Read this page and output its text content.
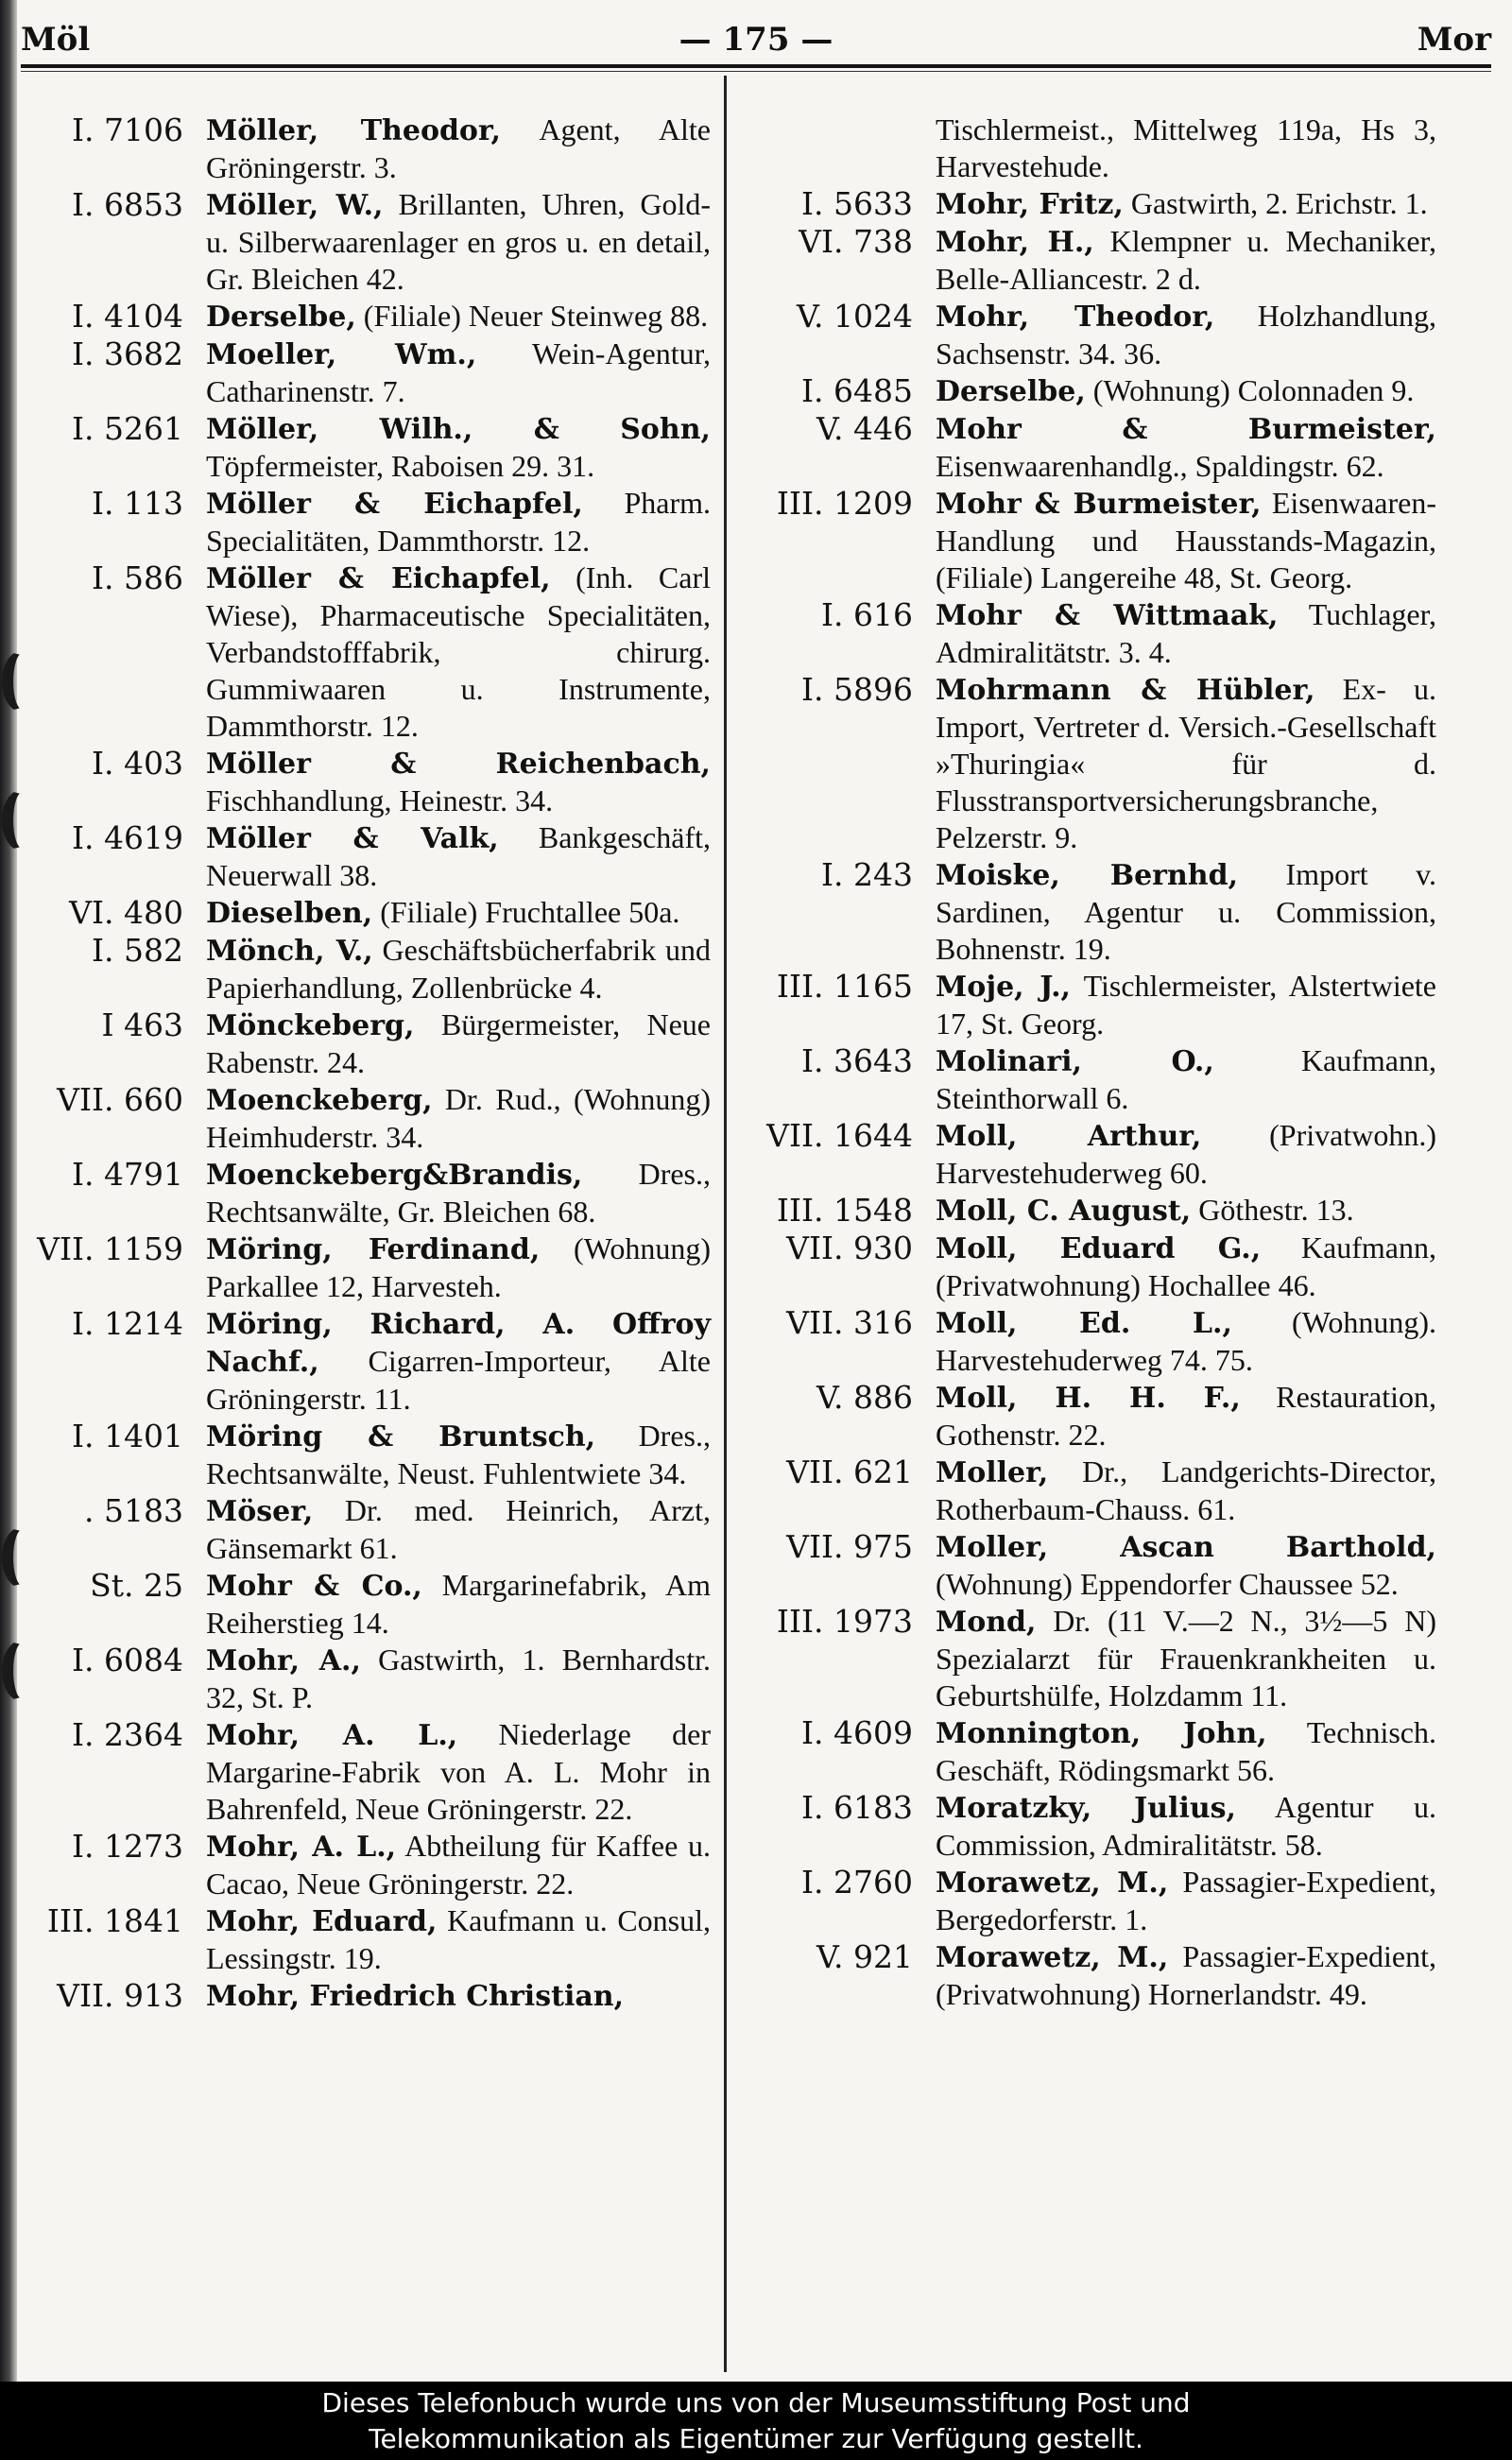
Möl	— 175 —	Mor
I. 7106 Möller, Theodor, Agent, Alte Gröningerstr. 3.
I. 6853 Möller, W., Brillanten, Uhren, Gold- u. Silberwaarenlager en gros u. en detail, Gr. Bleichen 42.
I. 4104 Derselbe, (Filiale) Neuer Steinweg 88.
I. 3682 Moeller, Wm., Wein-Agentur, Catharinenstr. 7.
I. 5261 Möller, Wilh., & Sohn, Töpfermeister, Raboisen 29. 31.
I. 113 Möller & Eichapfel, Pharm. Specialitäten, Dammthorstr. 12.
I. 586 Möller & Eichapfel, (Inh. Carl Wiese), Pharmaceutische Specialitäten, Verbandstofffabrik, chirurg. Gummiwaaren u. Instrumente, Dammthorstr. 12.
I. 403 Möller & Reichenbach, Fischhandlung, Heinestr. 34.
I. 4619 Möller & Valk, Bankgeschäft, Neuerwall 38.
VI. 480 Dieselben, (Filiale) Fruchtallee 50a.
I. 582 Mönch, V., Geschäftsbücherfabrik und Papierhandlung, Zollenbrücke 4.
I 463 Mönckeberg, Bürgermeister, Neue Rabenstr. 24.
VII. 660 Moenckeberg, Dr. Rud., (Wohnung) Heimhuderstr. 34.
I. 4791 Moenckeberg&Brandis, Dres., Rechtsanwälte, Gr. Bleichen 68.
VII. 1159 Möring, Ferdinand, (Wohnung) Parkallee 12, Harvesteh.
I. 1214 Möring, Richard, A. Offroy Nachf., Cigarren-Importeur, Alte Gröningerstr. 11.
I. 1401 Möring & Bruntsch, Dres., Rechtsanwälte, Neust. Fuhlentwiete 34.
. 5183 Möser, Dr. med. Heinrich, Arzt, Gänsemarkt 61.
St. 25 Mohr & Co., Margarinefabrik, Am Reiherstieg 14.
I. 6084 Mohr, A., Gastwirth, 1. Bernhardstr. 32, St. P.
I. 2364 Mohr, A. L., Niederlage der Margarine-Fabrik von A. L. Mohr in Bahrenfeld, Neue Gröningerstr. 22.
I. 1273 Mohr, A. L., Abtheilung für Kaffee u. Cacao, Neue Gröningerstr. 22.
III. 1841 Mohr, Eduard, Kaufmann u. Consul, Lessingstr. 19.
VII. 913 Mohr, Friedrich Christian,
Tischlermeist., Mittelweg 119a, Hs 3, Harvestehude.
I. 5633 Mohr, Fritz, Gastwirth, 2. Erichstr. 1.
VI. 738 Mohr, H., Klempner u. Mechaniker, Belle-Alliancestr. 2 d.
V. 1024 Mohr, Theodor, Holzhandlung, Sachsenstr. 34. 36.
I. 6485 Derselbe, (Wohnung) Colonnaden 9.
V. 446 Mohr & Burmeister, Eisenwaarenhandlg., Spaldingstr. 62.
III. 1209 Mohr & Burmeister, Eisenwaaren-Handlung und Hausstands-Magazin, (Filiale) Langereihe 48, St. Georg.
I. 616 Mohr & Wittmaak, Tuchlager, Admiralitätstr. 3. 4.
I. 5896 Mohrmann & Hübler, Ex- u. Import, Vertreter d. Versich.-Gesellschaft »Thuringia« für d. Flusstransportversicherungsbranche, Pelzerstr. 9.
I. 243 Moiske, Bernhd, Import v. Sardinen, Agentur u. Commission, Bohnenstr. 19.
III. 1165 Moje, J., Tischlermeister, Alstertwiete 17, St. Georg.
I. 3643 Molinari, O., Kaufmann, Steinthorwall 6.
VII. 1644 Moll, Arthur, (Privatwohn.) Harvestehuderweg 60.
III. 1548 Moll, C. August, Göthestr. 13.
VII. 930 Moll, Eduard G., Kaufmann, (Privatwohnung) Hochallee 46.
VII. 316 Moll, Ed. L., (Wohnung). Harvestehuderweg 74. 75.
V. 886 Moll, H. H. F., Restauration, Gothenstr. 22.
VII. 621 Moller, Dr., Landgerichts-Director, Rotherbaum-Chauss. 61.
VII. 975 Moller, Ascan Barthold, (Wohnung) Eppendorfer Chaussee 52.
III. 1973 Mond, Dr. (11 V.—2 N., 3½—5 N) Spezialarzt für Frauenkrankheiten u. Geburtshülfe, Holzdamm 11.
I. 4609 Monnington, John, Technisch. Geschäft, Rödingsmarkt 56.
I. 6183 Moratzky, Julius, Agentur u. Commission, Admiralitätstr. 58.
I. 2760 Morawetz, M., Passagier-Expedient, Bergedorferstr. 1.
V. 921 Morawetz, M., Passagier-Expedient, (Privatwohnung) Hornerlandstr. 49.
Dieses Telefonbuch wurde uns von der Museumsstiftung Post und
Telekommunikation als Eigentümer zur Verfügung gestellt.
